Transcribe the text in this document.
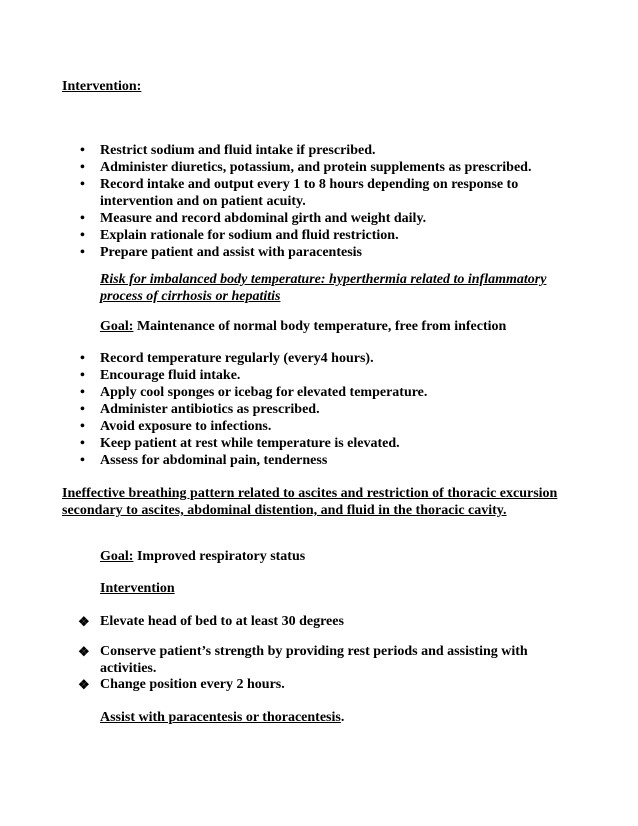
Intervention:
• Restrict sodium and fluid intake if prescribed.
• Administer diuretics, potassium, and protein supplements as prescribed.
• Record intake and output every 1 to 8 hours depending on response to intervention and on patient acuity.
• Measure and record abdominal girth and weight daily.
• Explain rationale for sodium and fluid restriction.
• Prepare patient and assist with paracentesis
Risk for imbalanced body temperature: hyperthermia related to inflammatory process of cirrhosis or hepatitis
Goal: Maintenance of normal body temperature, free from infection
• Record temperature regularly (every4 hours).
• Encourage fluid intake.
• Apply cool sponges or icebag for elevated temperature.
• Administer antibiotics as prescribed.
• Avoid exposure to infections.
• Keep patient at rest while temperature is elevated.
• Assess for abdominal pain, tenderness
Ineffective breathing pattern related to ascites and restriction of thoracic excursion secondary to ascites, abdominal distention, and fluid in the thoracic cavity.
Goal: Improved respiratory status
Intervention
❖ Elevate head of bed to at least 30 degrees
❖ Conserve patient’s strength by providing rest periods and assisting with activities.
❖ Change position every 2 hours.
Assist with paracentesis or thoracentesis.
